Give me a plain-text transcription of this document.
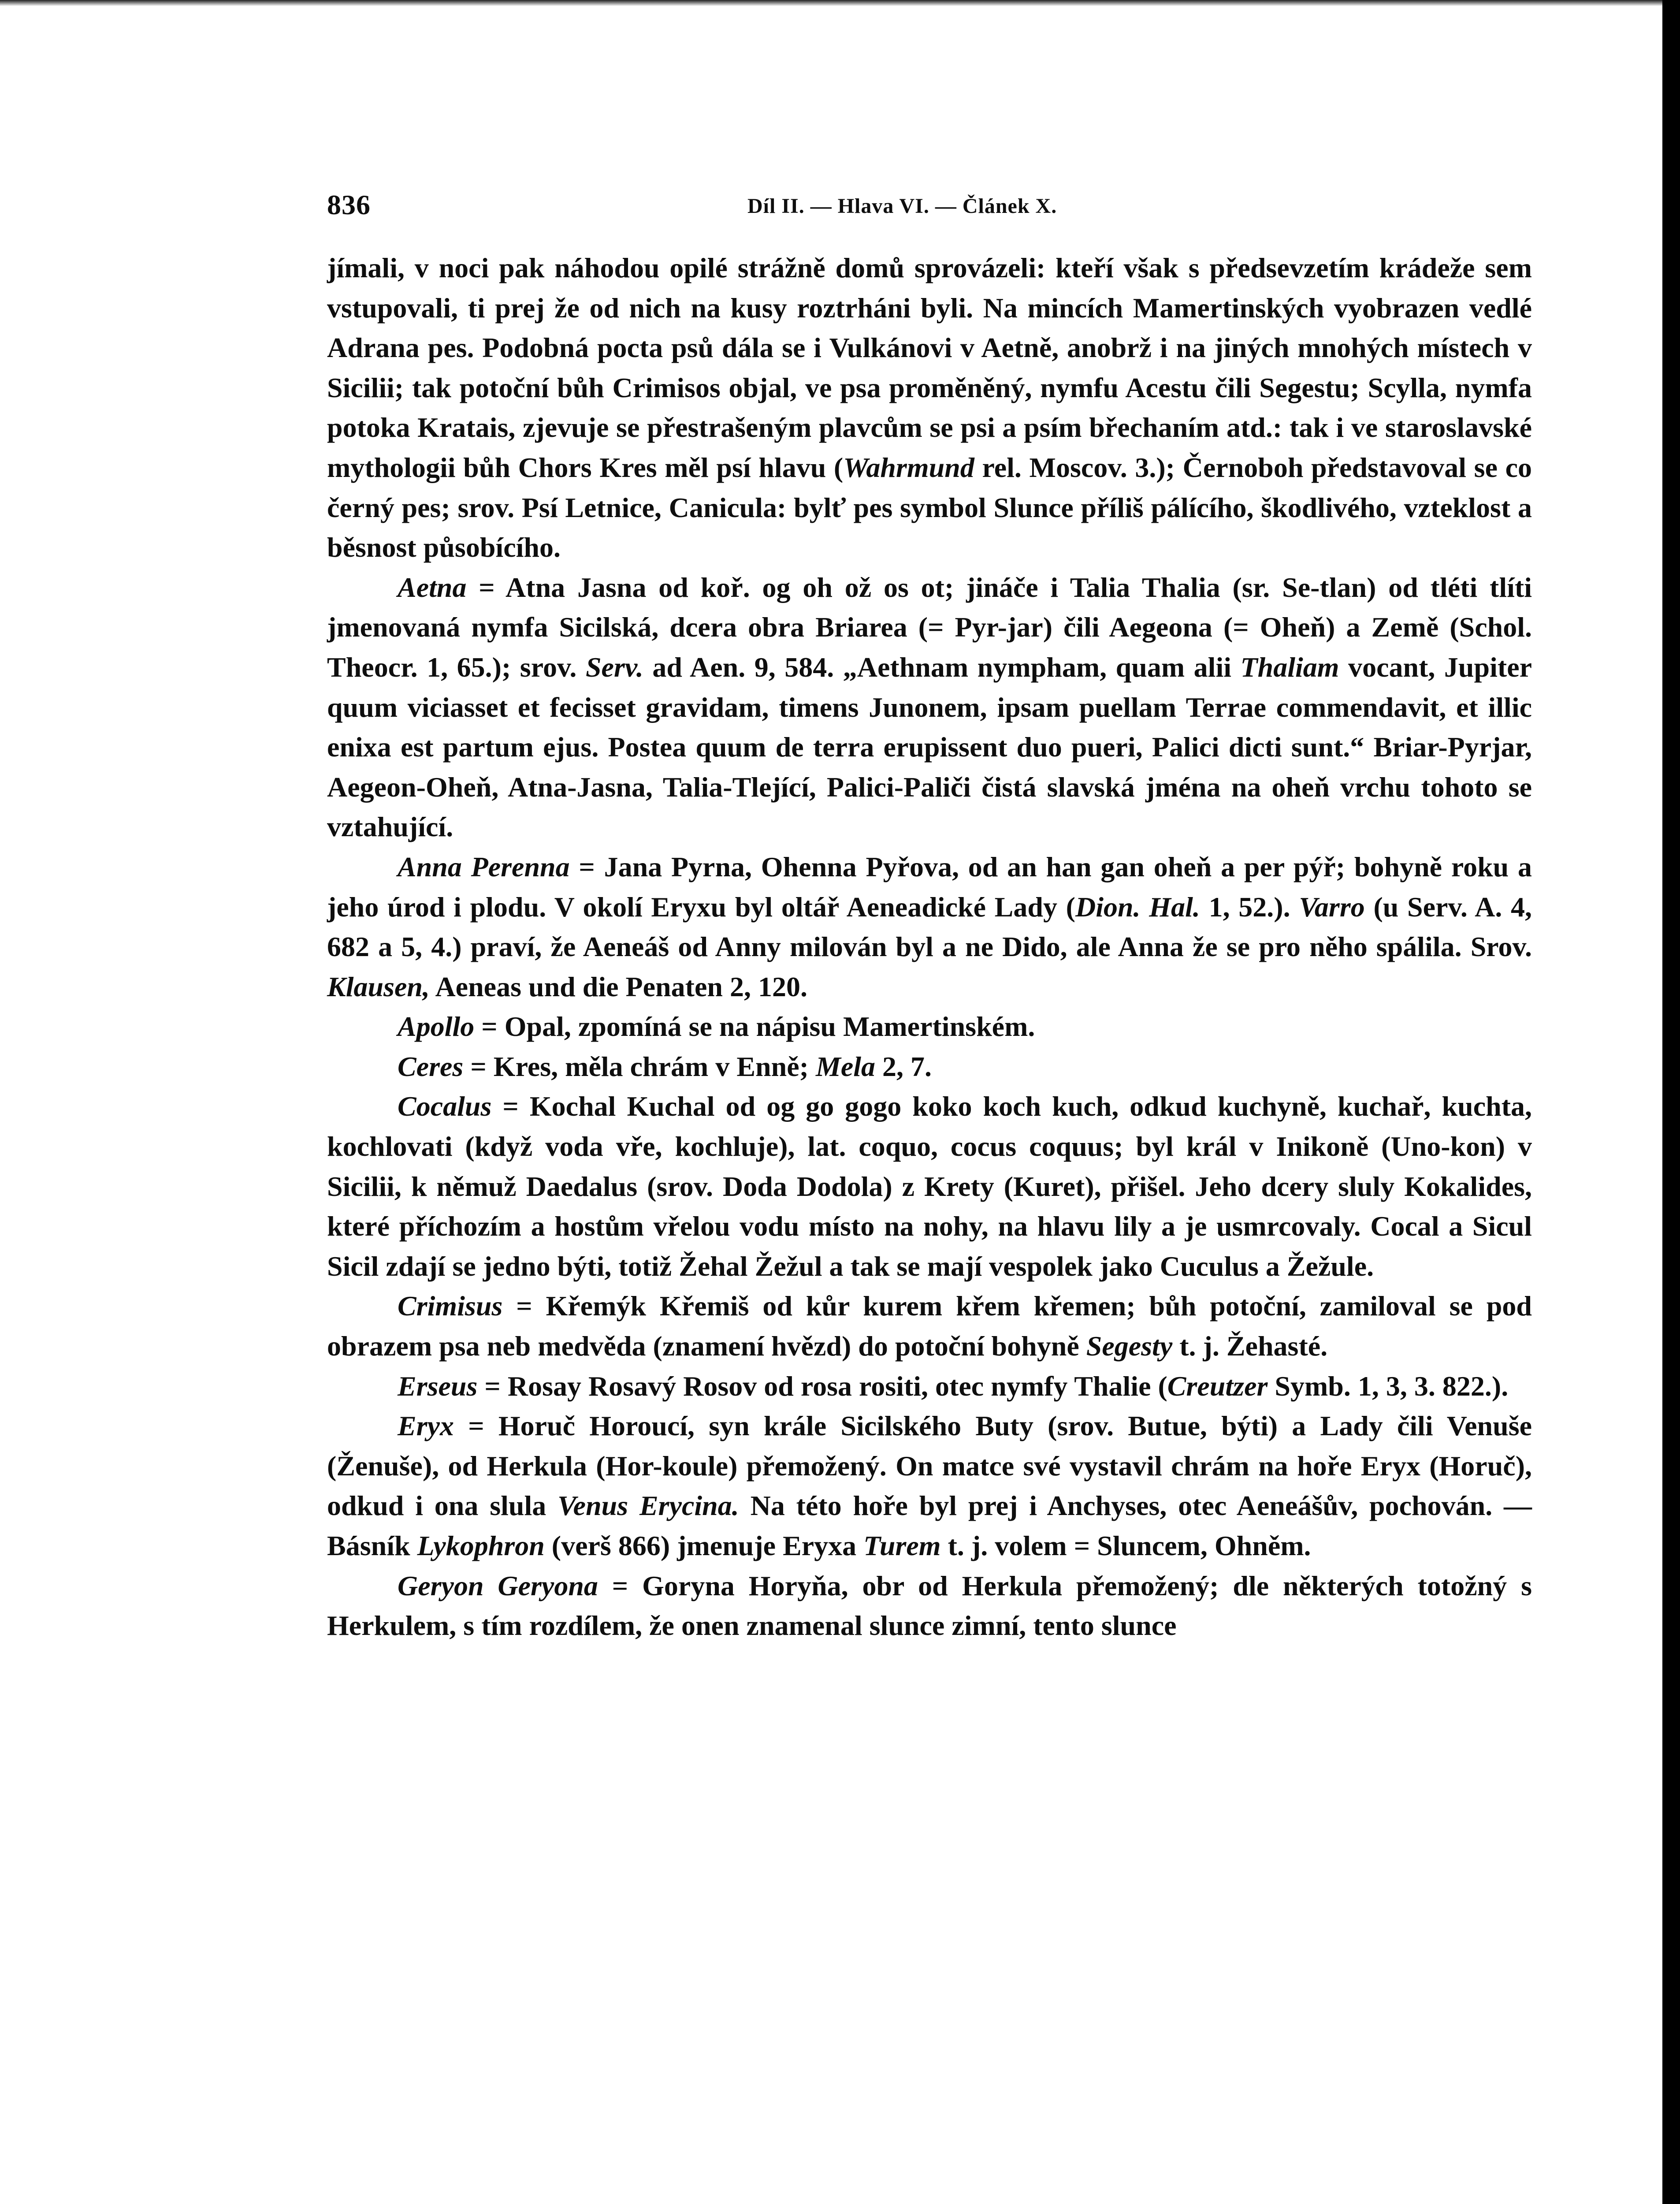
836	Díl II. — Hlava VI. — Článek X.

jímali, v noci pak náhodou opilé strážně domů sprovázeli: kteří však s předsevzetím krádeže sem vstupovali, ti prej že od nich na kusy roztrháni byli. Na mincích Mamertinských vyobrazen vedlé Adrana pes. Podobná pocta psů dála se i Vulkánovi v Aetně, anobrž i na jiných mnohých místech v Sicilii; tak potoční bůh Crimisos objal, ve psa proměněný, nymfu Acestu čili Segestu; Scylla, nymfa potoka Kratais, zjevuje se přestrašeným plavcům se psi a psím břechaním atd.: tak i ve staroslavské mythologii bůh Chors Kres měl psí hlavu (Wahrmund rel. Moscov. 3.); Černoboh představoval se co černý pes; srov. Psí Letnice, Canicula: bylť pes symbol Slunce příliš pálícího, škodlivého, vzteklost a běsnost působícího.

Aetna = Atna Jasna od koř. og oh ož os ot; jináče i Talia Thalia (sr. Se-tlan) od tléti tlíti jmenovaná nymfa Sicilská, dcera obra Briarea (= Pyr-jar) čili Aegeona (= Oheň) a Země (Schol. Theocr. 1, 65.); srov. Serv. ad Aen. 9, 584. „Aethnam nympham, quam alii Thaliam vocant, Jupiter quum viciasset et fecisset gravidam, timens Junonem, ipsam puellam Terrae commendavit, et illic enixa est partum ejus. Postea quum de terra erupissent duo pueri, Palici dicti sunt.“ Briar-Pyrjar, Aegeon-Oheň, Atna-Jasna, Talia-Tlející, Palici-Paliči čistá slavská jména na oheň vrchu tohoto se vztahující.

Anna Perenna = Jana Pyrna, Ohenna Pyřova, od an han gan oheň a per pýř; bohyně roku a jeho úrod i plodu. V okolí Eryxu byl oltář Aeneadické Lady (Dion. Hal. 1, 52.). Varro (u Serv. A. 4, 682 a 5, 4.) praví, že Aeneáš od Anny milován byl a ne Dido, ale Anna že se pro něho spálila. Srov. Klausen, Aeneas und die Penaten 2, 120.

Apollo = Opal, zpomíná se na nápisu Mamertinském.

Ceres = Kres, měla chrám v Enně; Mela 2, 7.

Cocalus = Kochal Kuchal od og go gogo koko koch kuch, odkud kuchyně, kuchař, kuchta, kochlovati (když voda vře, kochluje), lat. coquo, cocus coquus; byl král v Inikoně (Uno-kon) v Sicilii, k němuž Daedalus (srov. Doda Dodola) z Krety (Kuret), přišel. Jeho dcery sluly Kokalides, které příchozím a hostům vřelou vodu místo na nohy, na hlavu lily a je usmrcovaly. Cocal a Sicul Sicil zdají se jedno býti, totiž Žehal Žežul a tak se mají vespolek jako Cuculus a Žežule.

Crimisus = Křemýk Křemiš od kůr kurem křem křemen; bůh potoční, zamiloval se pod obrazem psa neb medvěda (znamení hvězd) do potoční bohyně Segesty t. j. Žehasté.

Erseus = Rosay Rosavý Rosov od rosa rositi, otec nymfy Thalie (Creutzer Symb. 1, 3, 3. 822.).

Eryx = Horuč Horoucí, syn krále Sicilského Buty (srov. Butue, býti) a Lady čili Venuše (Ženuše), od Herkula (Hor-koule) přemožený. On matce své vystavil chrám na hoře Eryx (Horuč), odkud i ona slula Venus Erycina. Na této hoře byl prej i Anchyses, otec Aeneášův, pochován. — Básník Lykophron (verš 866) jmenuje Eryxa Turem t. j. volem = Sluncem, Ohněm.

Geryon Geryona = Goryna Horyňa, obr od Herkula přemožený; dle některých totožný s Herkulem, s tím rozdílem, že onen znamenal slunce zimní, tento slunce
